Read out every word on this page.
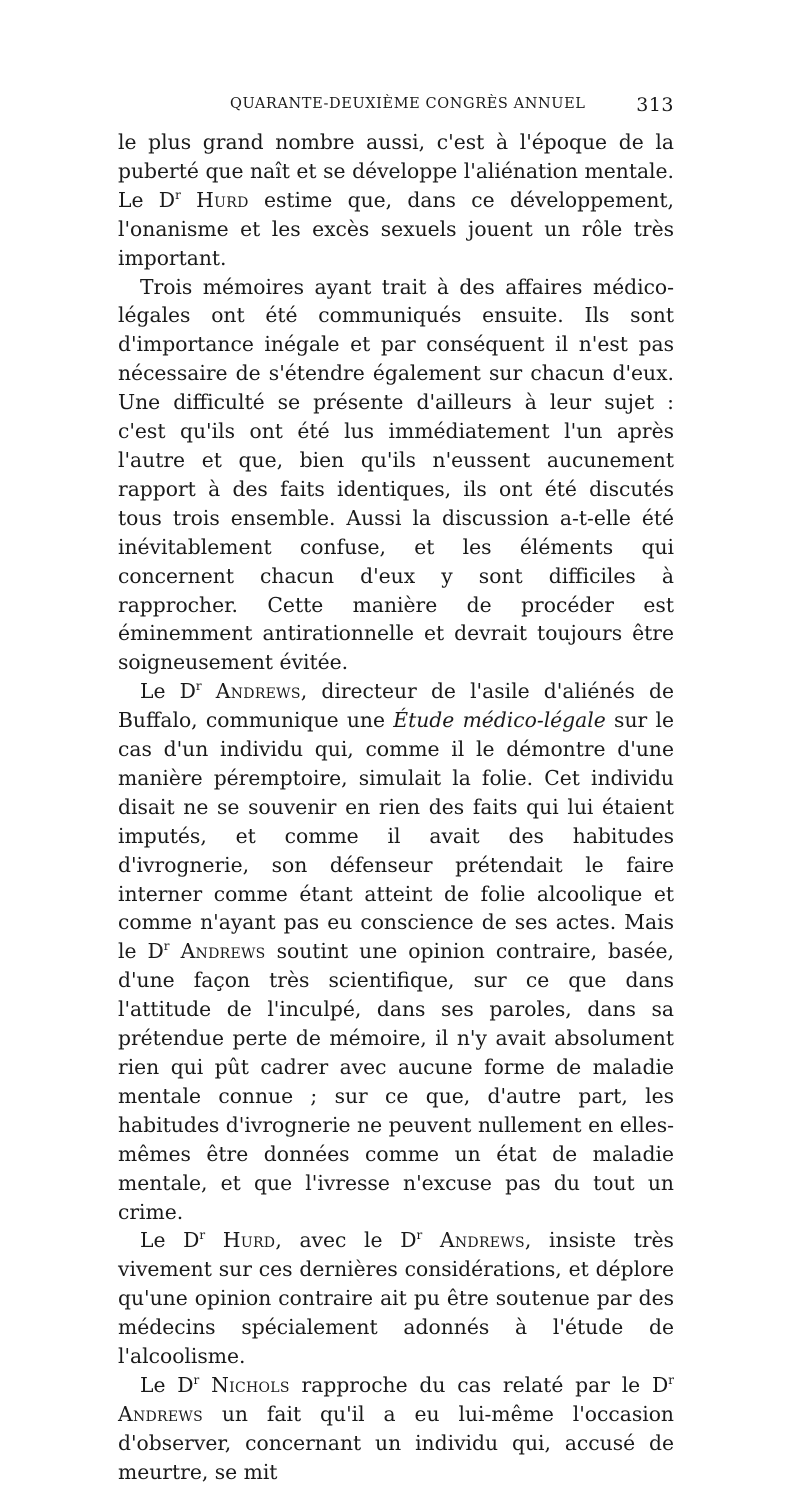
QUARANTE-DEUXIÈME CONGRÈS ANNUEL	313

le plus grand nombre aussi, c'est à l'époque de la puberté que naît et se développe l'aliénation mentale. Le $D^r$ Hurd estime que, dans ce développement, l'onanisme et les excès sexuels jouent un rôle très important.

Trois mémoires ayant trait à des affaires médico-légales ont été communiqués ensuite. Ils sont d'importance inégale et par conséquent il n'est pas nécessaire de s'étendre également sur chacun d'eux. Une difficulté se présente d'ailleurs à leur sujet : c'est qu'ils ont été lus immédiatement l'un après l'autre et que, bien qu'ils n'eussent aucunement rapport à des faits identiques, ils ont été discutés tous trois ensemble. Aussi la discussion a-t-elle été inévitablement confuse, et les éléments qui concernent chacun d'eux y sont difficiles à rapprocher. Cette manière de procéder est éminemment antirationnelle et devrait toujours être soigneusement évitée.

Le $D^r$ Andrews, directeur de l'asile d'aliénés de Buffalo, communique une Étude médico-légale sur le cas d'un individu qui, comme il le démontre d'une manière péremptoire, simulait la folie. Cet individu disait ne se souvenir en rien des faits qui lui étaient imputés, et comme il avait des habitudes d'ivrognerie, son défenseur prétendait le faire interner comme étant atteint de folie alcoolique et comme n'ayant pas eu conscience de ses actes. Mais le $D^r$ Andrews soutint une opinion contraire, basée, d'une façon très scientifique, sur ce que dans l'attitude de l'inculpé, dans ses paroles, dans sa prétendue perte de mémoire, il n'y avait absolument rien qui pût cadrer avec aucune forme de maladie mentale connue ; sur ce que, d'autre part, les habitudes d'ivrognerie ne peuvent nullement en elles-mêmes être données comme un état de maladie mentale, et que l'ivresse n'excuse pas du tout un crime.

Le $D^r$ Hurd, avec le $D^r$ Andrews, insiste très vivement sur ces dernières considérations, et déplore qu'une opinion contraire ait pu être soutenue par des médecins spécialement adonnés à l'étude de l'alcoolisme.

Le $D^r$ Nichols rapproche du cas relaté par le $D^r$ Andrews un fait qu'il a eu lui-même l'occasion d'observer, concernant un individu qui, accusé de meurtre, se mit
